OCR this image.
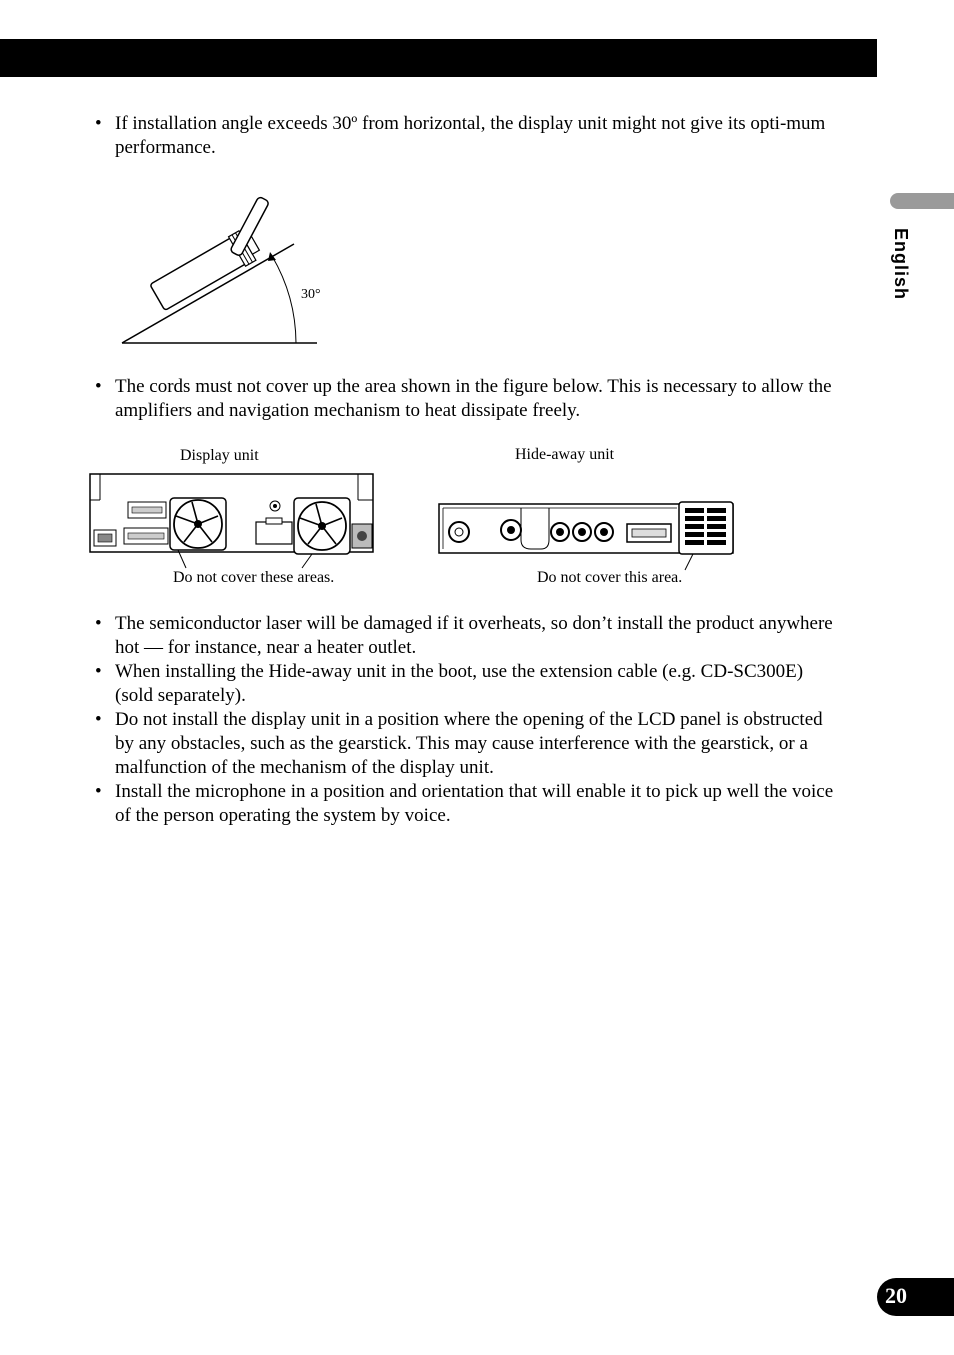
English
• If installation angle exceeds 30º from horizontal, the display unit might not give its opti-mum performance.
30°
• The cords must not cover up the area shown in the figure below. This is necessary to allow the amplifiers and navigation mechanism to heat dissipate freely.
Display unit	Hide-away unit
Do not cover these areas.	Do not cover this area.
• The semiconductor laser will be damaged if it overheats, so don’t install the product anywhere hot — for instance, near a heater outlet.
• When installing the Hide-away unit in the boot, use the extension cable (e.g. CD-SC300E) (sold separately).
• Do not install the display unit in a position where the opening of the LCD panel is obstructed by any obstacles, such as the gearstick. This may cause interference with the gearstick, or a malfunction of the mechanism of the display unit.
• Install the microphone in a position and orientation that will enable it to pick up well the voice of the person operating the system by voice.
20
